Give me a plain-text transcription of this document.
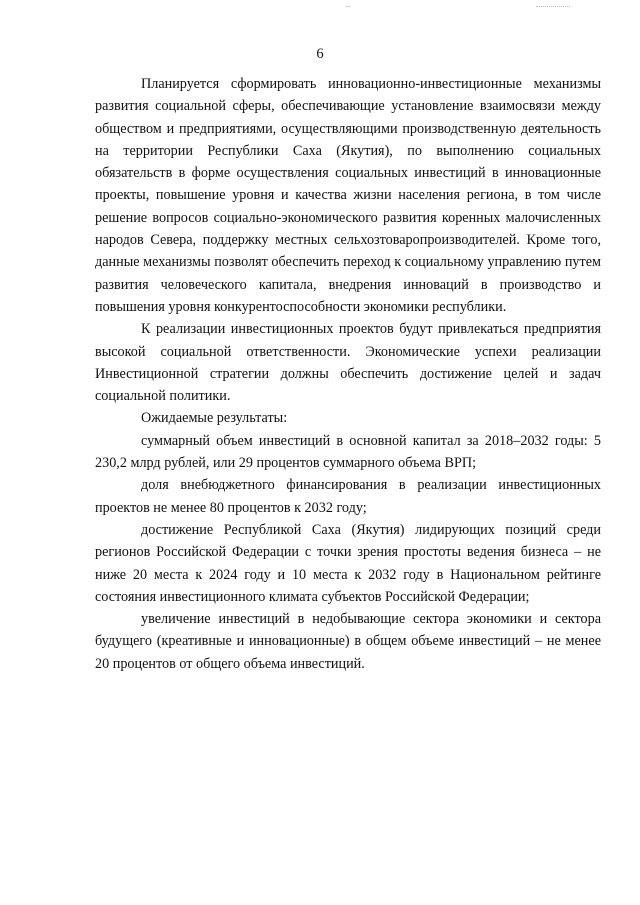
6

Планируется сформировать инновационно-инвестиционные механизмы развития социальной сферы, обеспечивающие установление взаимосвязи между обществом и предприятиями, осуществляющими производственную деятельность на территории Республики Саха (Якутия), по выполнению социальных обязательств в форме осуществления социальных инвестиций в инновационные проекты, повышение уровня и качества жизни населения региона, в том числе решение вопросов социально-экономического развития коренных малочисленных народов Севера, поддержку местных сельхозтоваропроизводителей. Кроме того, данные механизмы позволят обеспечить переход к социальному управлению путем развития человеческого капитала, внедрения инноваций в производство и повышения уровня конкурентоспособности экономики республики.

К реализации инвестиционных проектов будут привлекаться предприятия высокой социальной ответственности. Экономические успехи реализации Инвестиционной стратегии должны обеспечить достижение целей и задач социальной политики.

Ожидаемые результаты:

суммарный объем инвестиций в основной капитал за 2018–2032 годы: 5 230,2 млрд рублей, или 29 процентов суммарного объема ВРП;

доля внебюджетного финансирования в реализации инвестиционных проектов не менее 80 процентов к 2032 году;

достижение Республикой Саха (Якутия) лидирующих позиций среди регионов Российской Федерации с точки зрения простоты ведения бизнеса – не ниже 20 места к 2024 году и 10 места к 2032 году в Национальном рейтинге состояния инвестиционного климата субъектов Российской Федерации;

увеличение инвестиций в недобывающие сектора экономики и сектора будущего (креативные и инновационные) в общем объеме инвестиций – не менее 20 процентов от общего объема инвестиций.
